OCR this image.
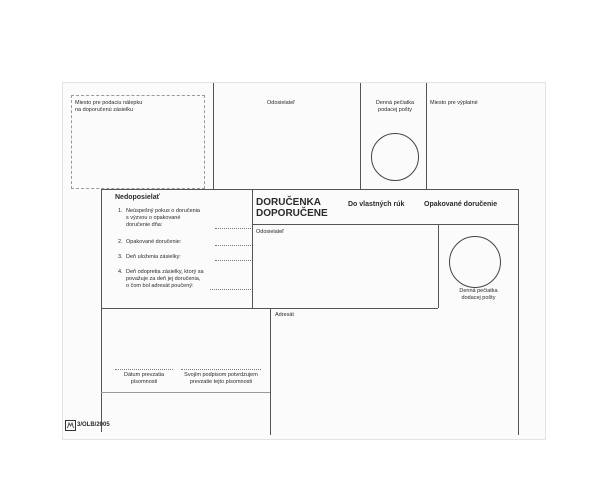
Miesto pre podaciu nálepku
na doporučenú zásielku
Odosielateľ	Denná pečiatka
podacej pošty
Miesto pre výplatné
Nedoposielať
1. Neúspešný pokus o doručenia
s výzvou o opakované
doručenie dňa:
2. Opakované doručenie:
3. Deň uloženia zásielky:
4. Deň odopretia zásielky, ktorý sa
považuje za deň jej doručenia,
o čom bol adresát poučený:
DORUČENKA
DOPORUČENE
Do vlastných rúk	Opakované doručenie
Odosielateľ
Denná pečiatka
dodacej pošty
Adresát
Dátum prevzatia
písomnosti
Svojím podpisom potvrdzujem
prevzatie tejto písomnosti
3/OLB/2005
